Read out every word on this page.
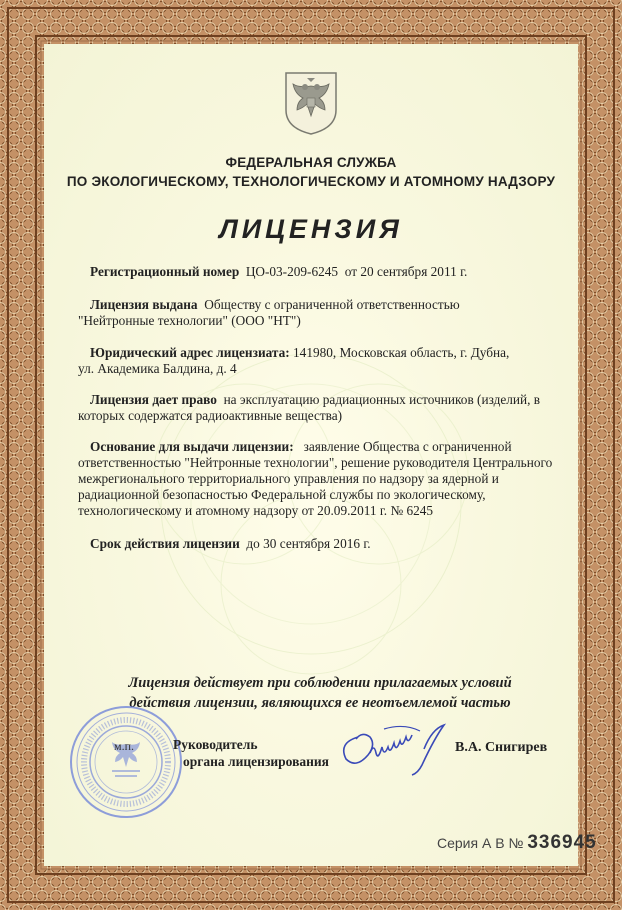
ФЕДЕРАЛЬНАЯ СЛУЖБА
ПО ЭКОЛОГИЧЕСКОМУ, ТЕХНОЛОГИЧЕСКОМУ И АТОМНОМУ НАДЗОРУ
ЛИЦЕНЗИЯ
Регистрационный номер ЦО-03-209-6245 от 20 сентября 2011 г.
Лицензия выдана Обществу с ограниченной ответственностью
"Нейтронные технологии" (ООО "НТ")
Юридический адрес лицензиата: 141980, Московская область, г. Дубна,
ул. Академика Балдина, д. 4
Лицензия дает право на эксплуатацию радиационных источников (изделий, в
которых содержатся радиоактивные вещества)
Основание для выдачи лицензии: заявление Общества с ограниченной
ответственностью "Нейтронные технологии", решение руководителя Центрального
межрегионального территориального управления по надзору за ядерной и
радиационной безопасностью Федеральной службы по экологическому,
технологическому и атомному надзору от 20.09.2011 г. № 6245
Срок действия лицензии до 30 сентября 2016 г.
Лицензия действует при соблюдении прилагаемых условий
действия лицензии, являющихся ее неотъемлемой частью
м.п.	Руководитель
органа лицензирования
В.А. Снигирев
Серия А В № 336945
